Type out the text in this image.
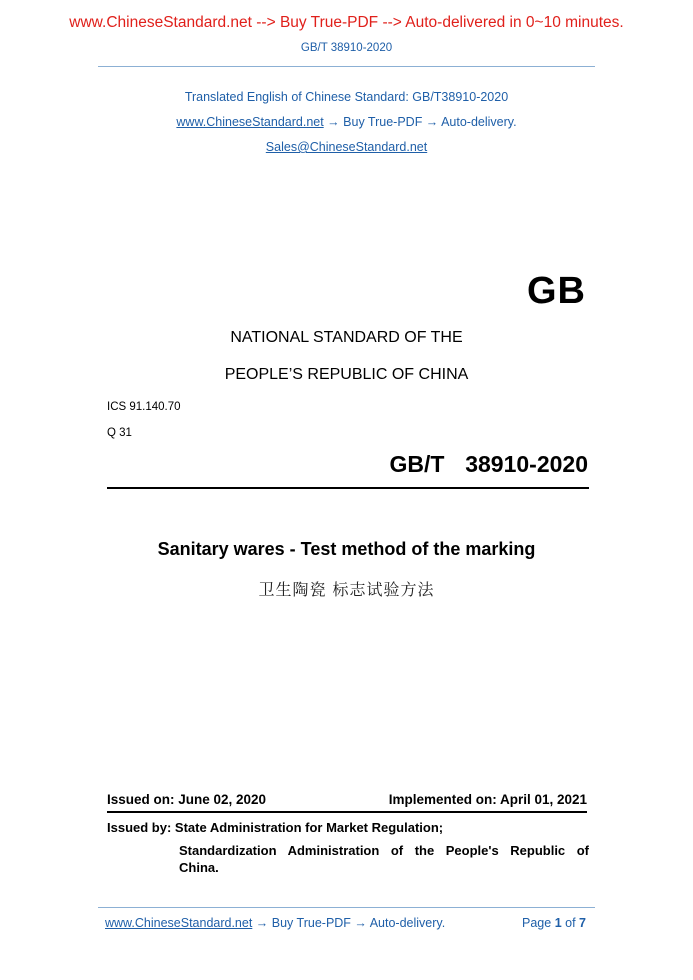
www.ChineseStandard.net --> Buy True-PDF --> Auto-delivered in 0~10 minutes.
GB/T 38910-2020
Translated English of Chinese Standard: GB/T38910-2020
www.ChineseStandard.net → Buy True-PDF → Auto-delivery.
Sales@ChineseStandard.net
GB
NATIONAL STANDARD OF THE
PEOPLE’S REPUBLIC OF CHINA
ICS 91.140.70
Q 31
GB/T  38910-2020
Sanitary wares - Test method of the marking
卫生陶瓷 标志试验方法
Issued on: June 02, 2020	Implemented on: April 01, 2021
Issued by: State Administration for Market Regulation;
Standardization Administration of the People's Republic of
China.
www.ChineseStandard.net → Buy True-PDF → Auto-delivery.	Page 1 of 7
